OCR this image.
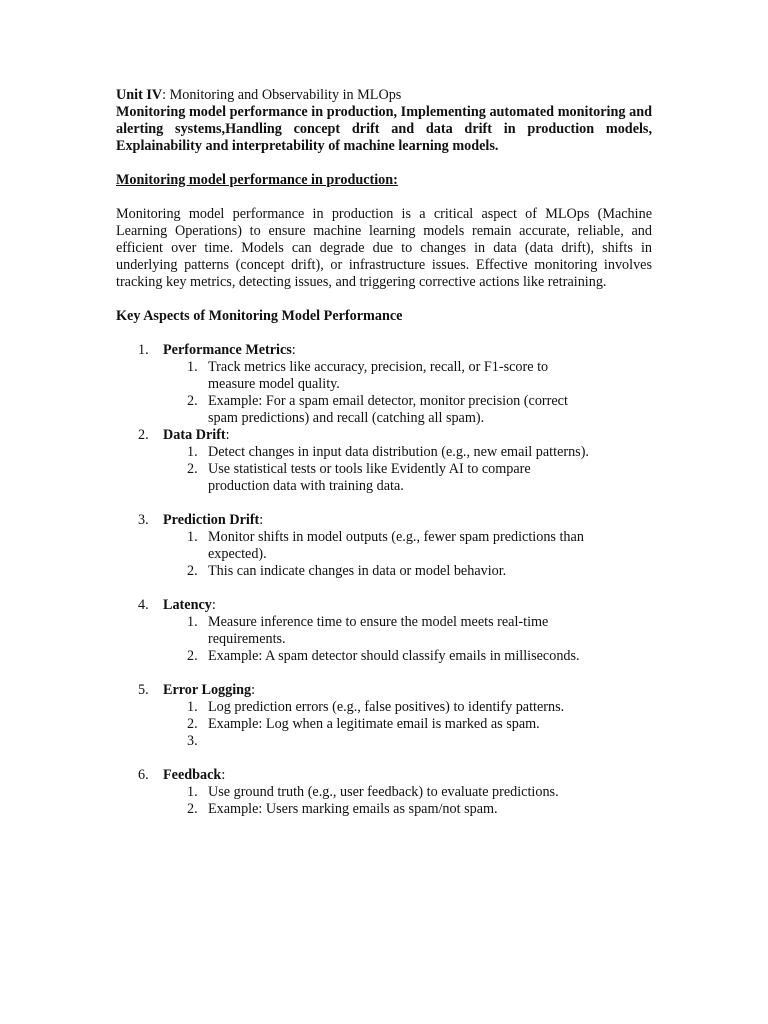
Unit IV: Monitoring and Observability in MLOps

Monitoring model performance in production, Implementing automated monitoring and alerting systems,Handling concept drift and data drift in production models, Explainability and interpretability of machine learning models.

Monitoring model performance in production:

Monitoring model performance in production is a critical aspect of MLOps (Machine Learning Operations) to ensure machine learning models remain accurate, reliable, and efficient over time. Models can degrade due to changes in data (data drift), shifts in underlying patterns (concept drift), or infrastructure issues. Effective monitoring involves tracking key metrics, detecting issues, and triggering corrective actions like retraining.

Key Aspects of Monitoring Model Performance

1.	Performance Metrics:
1. Track metrics like accuracy, precision, recall, or F1-score to measure model quality.
2. Example: For a spam email detector, monitor precision (correct spam predictions) and recall (catching all spam).
2.	Data Drift:
1. Detect changes in input data distribution (e.g., new email patterns).
2. Use statistical tests or tools like Evidently AI to compare production data with training data.
3.	Prediction Drift:
1. Monitor shifts in model outputs (e.g., fewer spam predictions than expected).
2. This can indicate changes in data or model behavior.
4.	Latency:
1. Measure inference time to ensure the model meets real-time requirements.
2. Example: A spam detector should classify emails in milliseconds.
5.	Error Logging:
1. Log prediction errors (e.g., false positives) to identify patterns.
2. Example: Log when a legitimate email is marked as spam.
3.

6.	Feedback:
1. Use ground truth (e.g., user feedback) to evaluate predictions.
2. Example: Users marking emails as spam/not spam.
